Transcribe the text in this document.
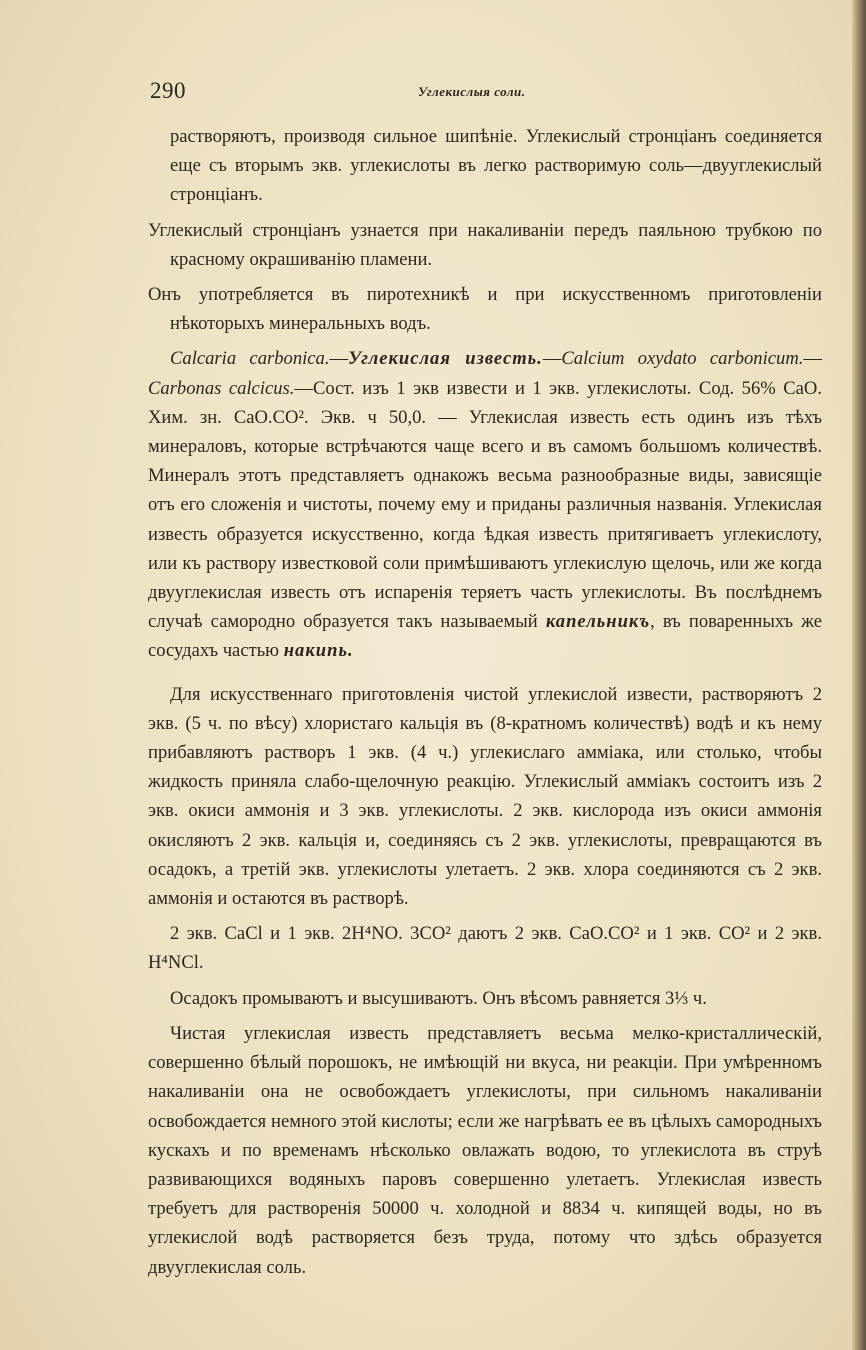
290	Углекислыя соли.

растворяютъ, производя сильное шипѣніе. Углекислый стронціанъ соединяется еще съ вторымъ экв. углекислоты въ легко растворимую соль—двууглекислый стронціанъ.

Углекислый стронціанъ узнается при накаливаніи передъ паяльною трубкою по красному окрашиванію пламени.

Онъ употребляется въ пиротехникѣ и при искусственномъ приготовленіи нѣкоторыхъ минеральныхъ водъ.

Calcaria carbonica.—Углекислая известь.—Calcium oxydato carbonicum.—Carbonas calcicus.—Сост. изъ 1 экв извести и 1 экв. углекислоты. Сод. 56% СаО. Хим. зн. СаО.СО². Экв. ч 50,0. — Углекислая известь есть одинъ изъ тѣхъ минераловъ, которые встрѣчаются чаще всего и въ самомъ большомъ количествѣ. Минералъ этотъ представляетъ однакожъ весьма разнообразные виды, зависящіе отъ его сложенія и чистоты, почему ему и приданы различныя названія. Углекислая известь образуется искусственно, когда ѣдкая известь притягиваетъ углекислоту, или къ раствору известковой соли примѣшиваютъ углекислую щелочь, или же когда двууглекислая известь отъ испаренія теряетъ часть углекислоты. Въ послѣднемъ случаѣ самородно образуется такъ называемый капельникъ, въ поваренныхъ же сосудахъ частью накипь.

Для искусственнаго приготовленія чистой углекислой извести, растворяютъ 2 экв. (5 ч. по вѣсу) хлористаго кальція въ (8-кратномъ количествѣ) водѣ и къ нему прибавляютъ растворъ 1 экв. (4 ч.) углекислаго аммiака, или столько, чтобы жидкость приняла слабо-щелочную реакцію. Углекислый аммiакъ состоитъ изъ 2 экв. окиси аммонія и 3 экв. углекислоты. 2 экв. кислорода изъ окиси аммонія окисляютъ 2 экв. кальція и, соединяясь съ 2 экв. углекислоты, превращаются въ осадокъ, а третій экв. углекислоты улетаетъ. 2 экв. хлора соединяются съ 2 экв. аммонія и остаются въ растворѣ.

2 экв. CaCl и 1 экв. 2H⁴NO. 3CO² даютъ 2 экв. CaO.CO² и 1 экв. CO² и 2 экв. H⁴NCl.

Осадокъ промываютъ и высушиваютъ. Онъ вѣсомъ равняется 3⅓ ч.

Чистая углекислая известь представляетъ весьма мелко-кристаллическій, совершенно бѣлый порошокъ, не имѣющій ни вкуса, ни реакціи. При умѣренномъ накаливаніи она не освобождаетъ углекислоты, при сильномъ накаливаніи освобождается немного этой кислоты; если же нагрѣвать ее въ цѣлыхъ самородныхъ кускахъ и по временамъ нѣсколько овлажать водою, то углекислота въ струѣ развивающихся водяныхъ паровъ совершенно улетаетъ. Углекислая известь требуетъ для растворенія 50000 ч. холодной и 8834 ч. кипящей воды, но въ углекислой водѣ растворяется безъ труда, потому что здѣсь образуется двууглекислая соль.
